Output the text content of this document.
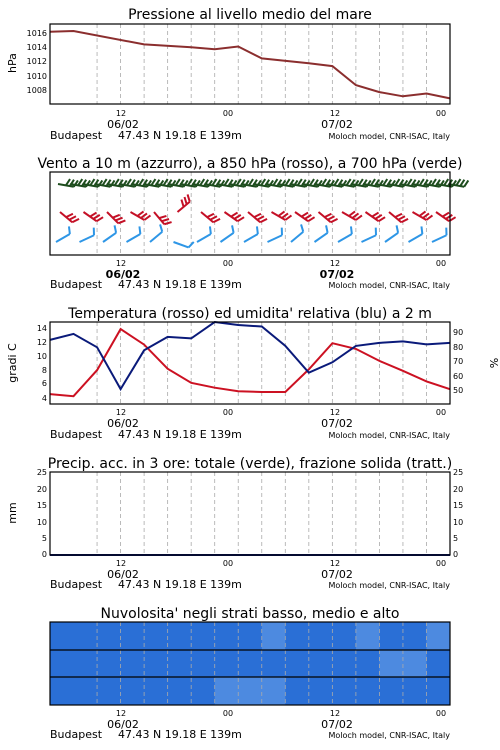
Pressione al livello medio del mare
hPa
1016
1014
1012
1010
1008
12	00	12	00
06/02	07/02
Budapest 47.43 N 19.18 E 139m	Moloch model, CNR-ISAC, Italy
Vento a 10 m (azzurro), a 850 hPa (rosso), a 700 hPa (verde)
12	00	12	00
06/02	07/02
Budapest 47.43 N 19.18 E 139m	Moloch model, CNR-ISAC, Italy
Temperatura (rosso) ed umidita' relativa (blu) a 2 m
gradi C	%
14
12
10
8
6
4
90
80
70
60
50
12	00	12	00
06/02	07/02
Budapest 47.43 N 19.18 E 139m	Moloch model, CNR-ISAC, Italy
Precip. acc. in 3 ore: totale (verde), frazione solida (tratt.)
mm
25
20
15
10
5
0
25
20
15
10
5
0
12	00	12	00
06/02	07/02
Budapest 47.43 N 19.18 E 139m	Moloch model, CNR-ISAC, Italy
Nuvolosita' negli strati basso, medio e alto
12	00	12	00
06/02	07/02
Budapest 47.43 N 19.18 E 139m	Moloch model, CNR-ISAC, Italy
